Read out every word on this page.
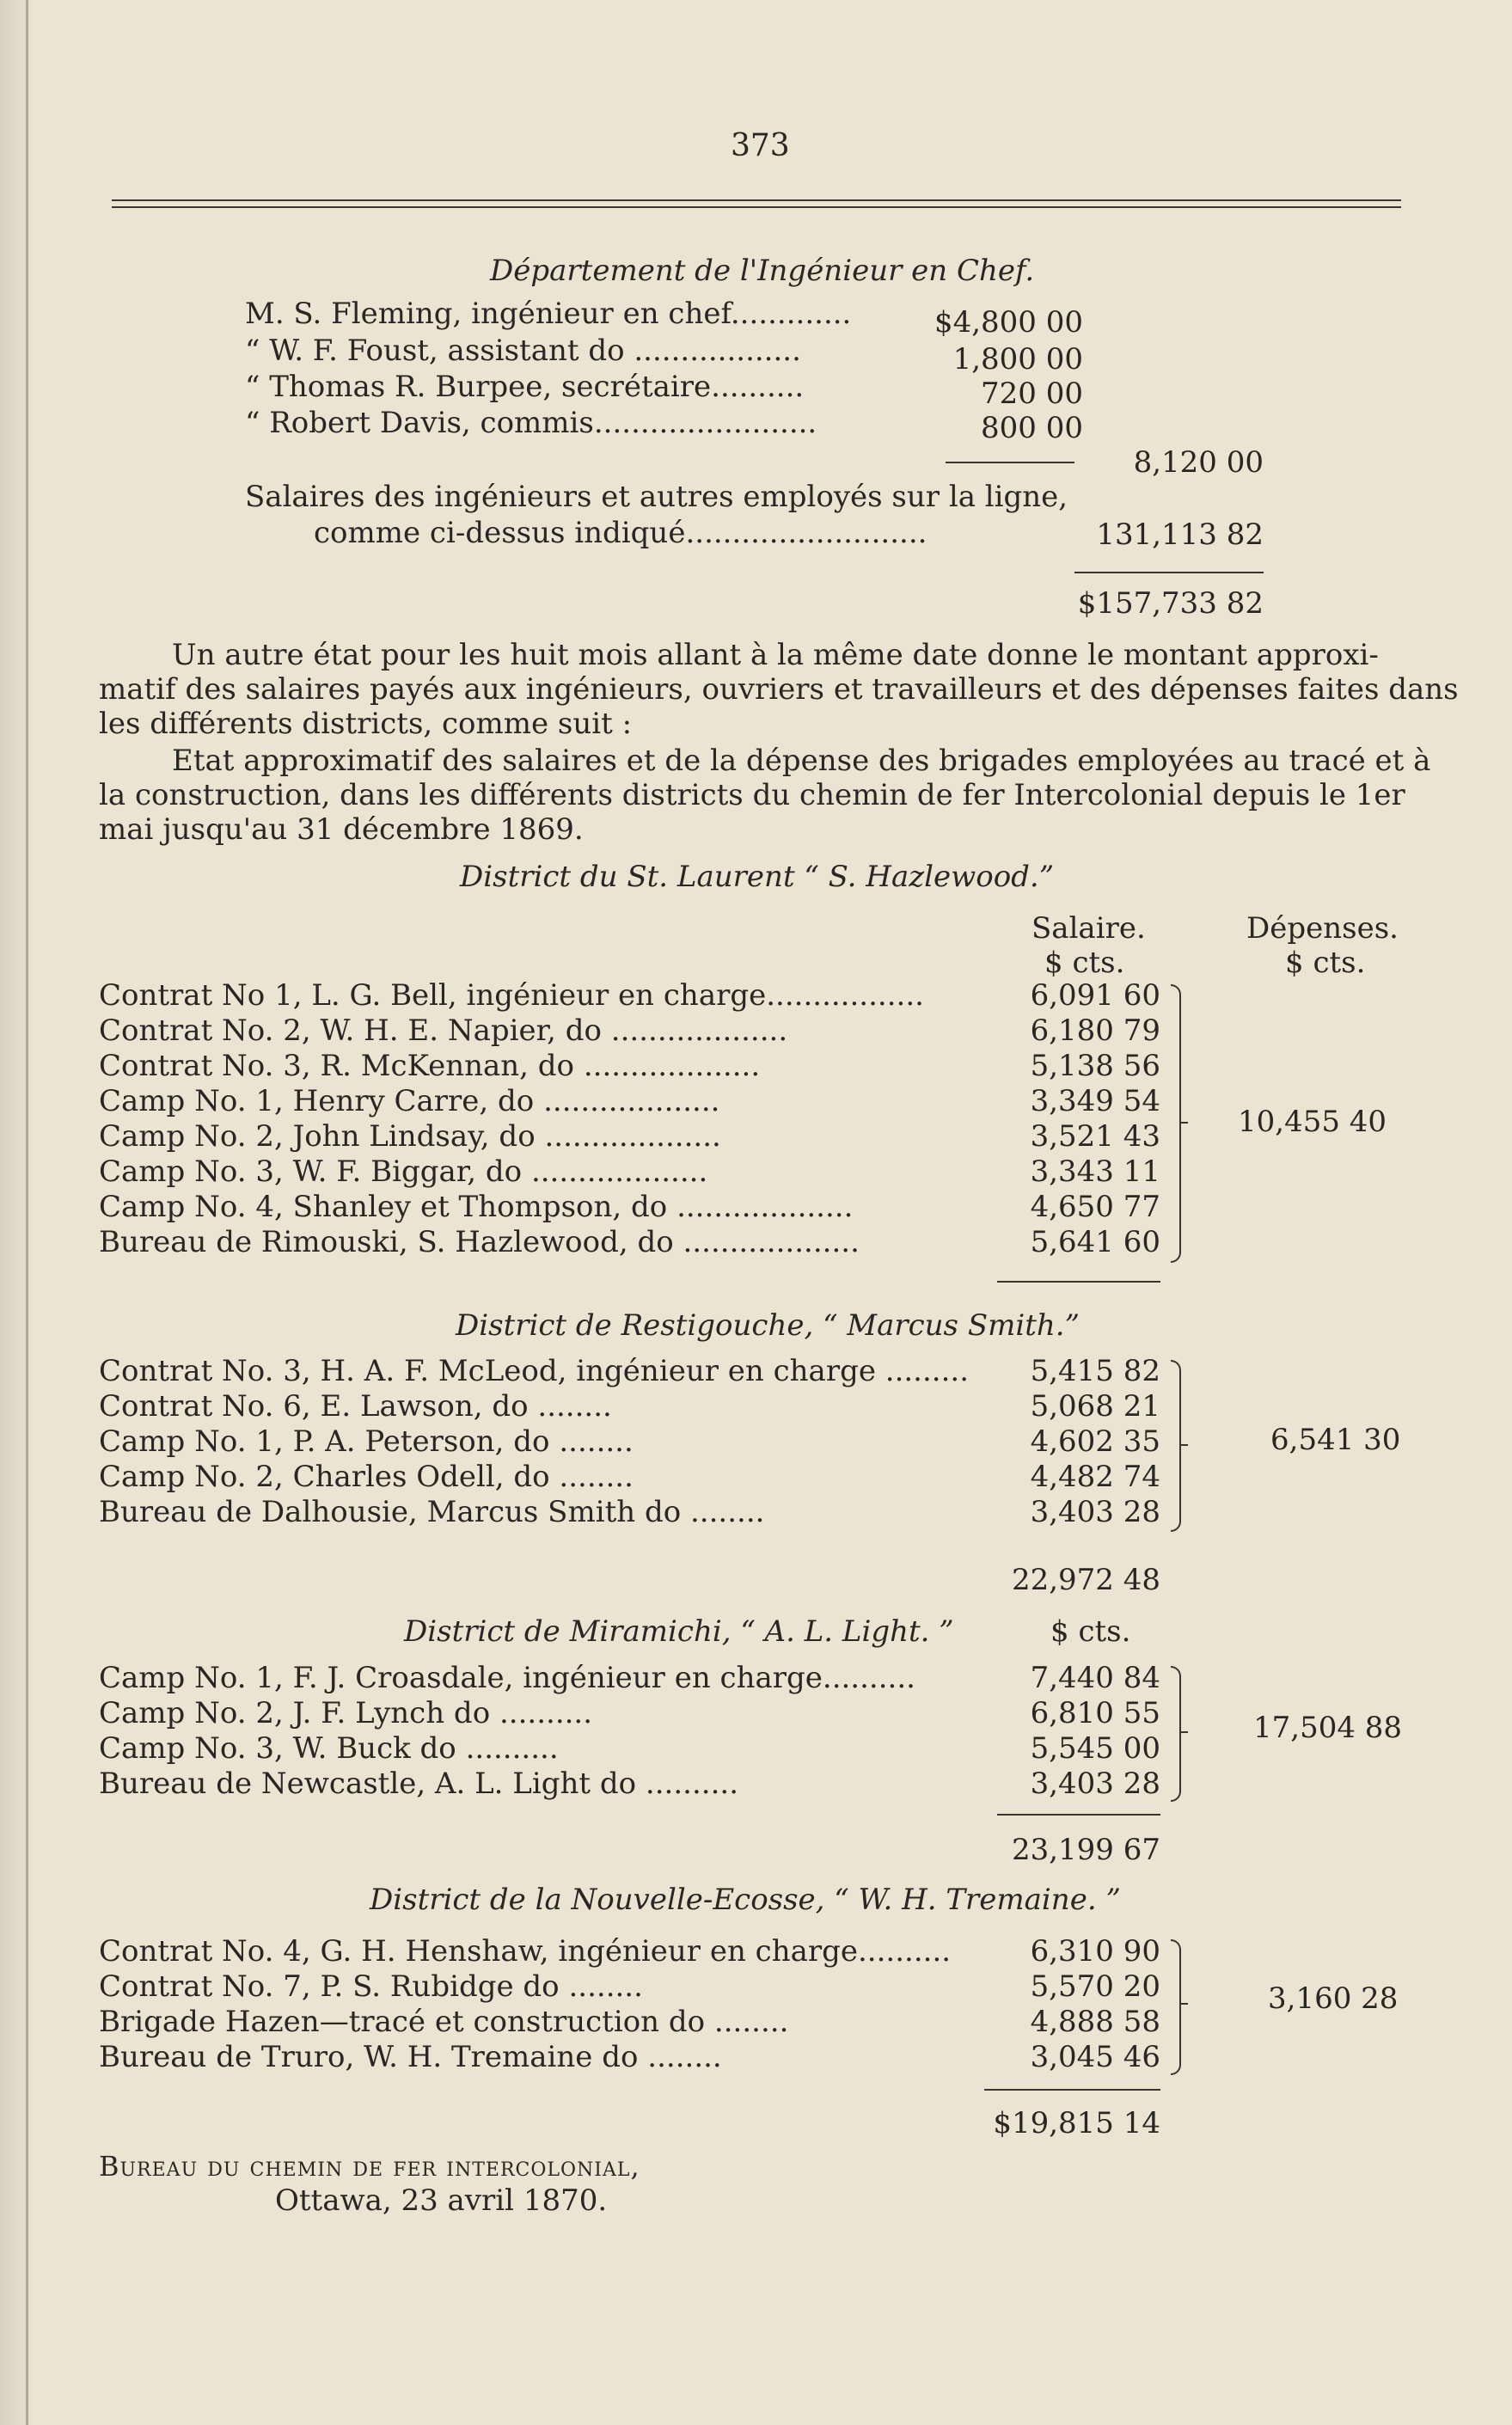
373
Département de l'Ingénieur en Chef.
M. S. Fleming, ingénieur en chef.............	$4,800 00
“ W. F. Foust, assistant do ..................	1,800 00
“ Thomas R. Burpee, secrétaire..........	720 00
“ Robert Davis, commis........................	800 00
8,120 00
Salaires des ingénieurs et autres employés sur la ligne,
comme ci-dessus indiqué..........................	131,113 82
$157,733 82
Un autre état pour les huit mois allant à la même date donne le montant approxi-
matif des salaires payés aux ingénieurs, ouvriers et travailleurs et des dépenses faites dans
les différents districts, comme suit :
Etat approximatif des salaires et de la dépense des brigades employées au tracé et à
la construction, dans les différents districts du chemin de fer Intercolonial depuis le 1er
mai jusqu'au 31 décembre 1869.
District du St. Laurent “ S. Hazlewood.”
Salaire.
$ cts.
Dépenses.
$ cts.
Contrat No 1, L. G. Bell, ingénieur en charge.................	6,091 60
Contrat No. 2, W. H. E. Napier, do ...................	6,180 79
Contrat No. 3, R. McKennan, do ...................	5,138 56
Camp No. 1, Henry Carre, do ...................	3,349 54
Camp No. 2, John Lindsay, do ...................	3,521 43
Camp No. 3, W. F. Biggar, do ...................	3,343 11
Camp No. 4, Shanley et Thompson, do ...................	4,650 77
Bureau de Rimouski, S. Hazlewood, do ...................	5,641 60
10,455 40
District de Restigouche, “ Marcus Smith.”
Contrat No. 3, H. A. F. McLeod, ingénieur en charge .........	5,415 82
Contrat No. 6, E. Lawson, do ........	5,068 21
Camp No. 1, P. A. Peterson, do ........	4,602 35
Camp No. 2, Charles Odell, do ........	4,482 74
Bureau de Dalhousie, Marcus Smith do ........	3,403 28
6,541 30
22,972 48
District de Miramichi, “ A. L. Light. ”	$ cts.
Camp No. 1, F. J. Croasdale, ingénieur en charge..........	7,440 84
Camp No. 2, J. F. Lynch do ..........	6,810 55
Camp No. 3, W. Buck do ..........	5,545 00
Bureau de Newcastle, A. L. Light do ..........	3,403 28
17,504 88
23,199 67
District de la Nouvelle-Ecosse, “ W. H. Tremaine. ”
Contrat No. 4, G. H. Henshaw, ingénieur en charge..........	6,310 90
Contrat No. 7, P. S. Rubidge do ........	5,570 20
Brigade Hazen—tracé et construction do ........	4,888 58
Bureau de Truro, W. H. Tremaine do ........	3,045 46
3,160 28
$19,815 14
Bureau du chemin de fer intercolonial,
Ottawa, 23 avril 1870.
